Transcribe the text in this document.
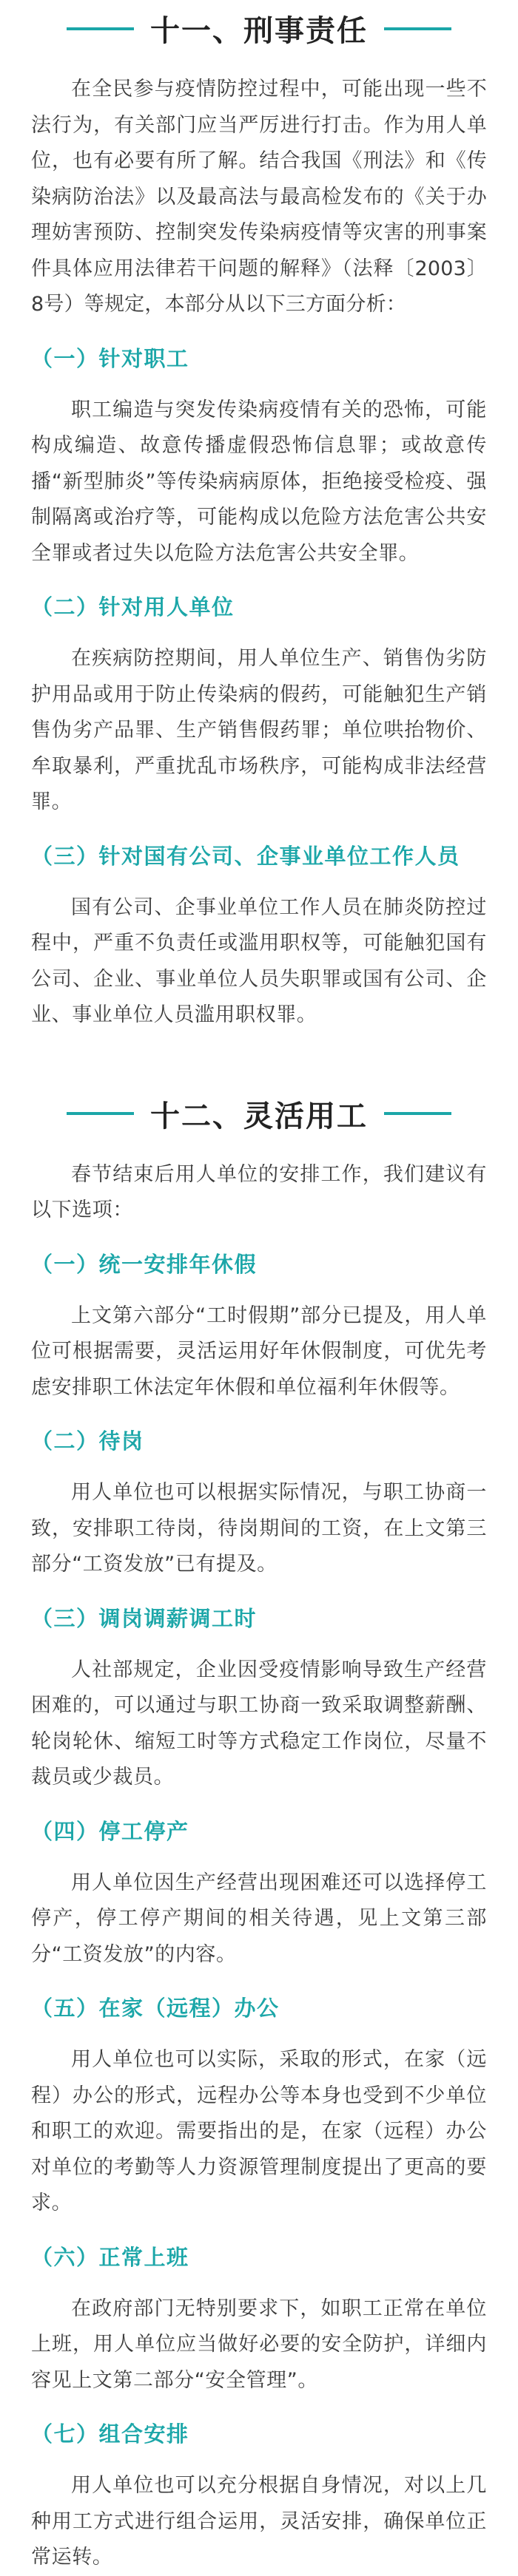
十一、刑事责任

在全民参与疫情防控过程中，可能出现一些不法行为，有关部门应当严厉进行打击。作为用人单位，也有必要有所了解。结合我国《刑法》和《传染病防治法》以及最高法与最高检发布的《关于办理妨害预防、控制突发传染病疫情等灾害的刑事案件具体应用法律若干问题的解释》（法释〔2003〕8号）等规定，本部分从以下三方面分析：

（一）针对职工

职工编造与突发传染病疫情有关的恐怖，可能构成编造、故意传播虚假恐怖信息罪；或故意传播“新型肺炎”等传染病病原体，拒绝接受检疫、强制隔离或治疗等，可能构成以危险方法危害公共安全罪或者过失以危险方法危害公共安全罪。

（二）针对用人单位

在疾病防控期间，用人单位生产、销售伪劣防护用品或用于防止传染病的假药，可能触犯生产销售伪劣产品罪、生产销售假药罪；单位哄抬物价、牟取暴利，严重扰乱市场秩序，可能构成非法经营罪。

（三）针对国有公司、企事业单位工作人员

国有公司、企事业单位工作人员在肺炎防控过程中，严重不负责任或滥用职权等，可能触犯国有公司、企业、事业单位人员失职罪或国有公司、企业、事业单位人员滥用职权罪。

十二、灵活用工

春节结束后用人单位的安排工作，我们建议有以下选项：

（一）统一安排年休假

上文第六部分“工时假期”部分已提及，用人单位可根据需要，灵活运用好年休假制度，可优先考虑安排职工休法定年休假和单位福利年休假等。

（二）待岗

用人单位也可以根据实际情况，与职工协商一致，安排职工待岗，待岗期间的工资，在上文第三部分“工资发放”已有提及。

（三）调岗调薪调工时

人社部规定，企业因受疫情影响导致生产经营困难的，可以通过与职工协商一致采取调整薪酬、轮岗轮休、缩短工时等方式稳定工作岗位，尽量不裁员或少裁员。

（四）停工停产

用人单位因生产经营出现困难还可以选择停工停产，停工停产期间的相关待遇，见上文第三部分“工资发放”的内容。

（五）在家（远程）办公

用人单位也可以实际，采取的形式，在家（远程）办公的形式，远程办公等本身也受到不少单位和职工的欢迎。需要指出的是，在家（远程）办公对单位的考勤等人力资源管理制度提出了更高的要求。

（六）正常上班

在政府部门无特别要求下，如职工正常在单位上班，用人单位应当做好必要的安全防护，详细内容见上文第二部分“安全管理”。

（七）组合安排

用人单位也可以充分根据自身情况，对以上几种用工方式进行组合运用，灵活安排，确保单位正常运转。
